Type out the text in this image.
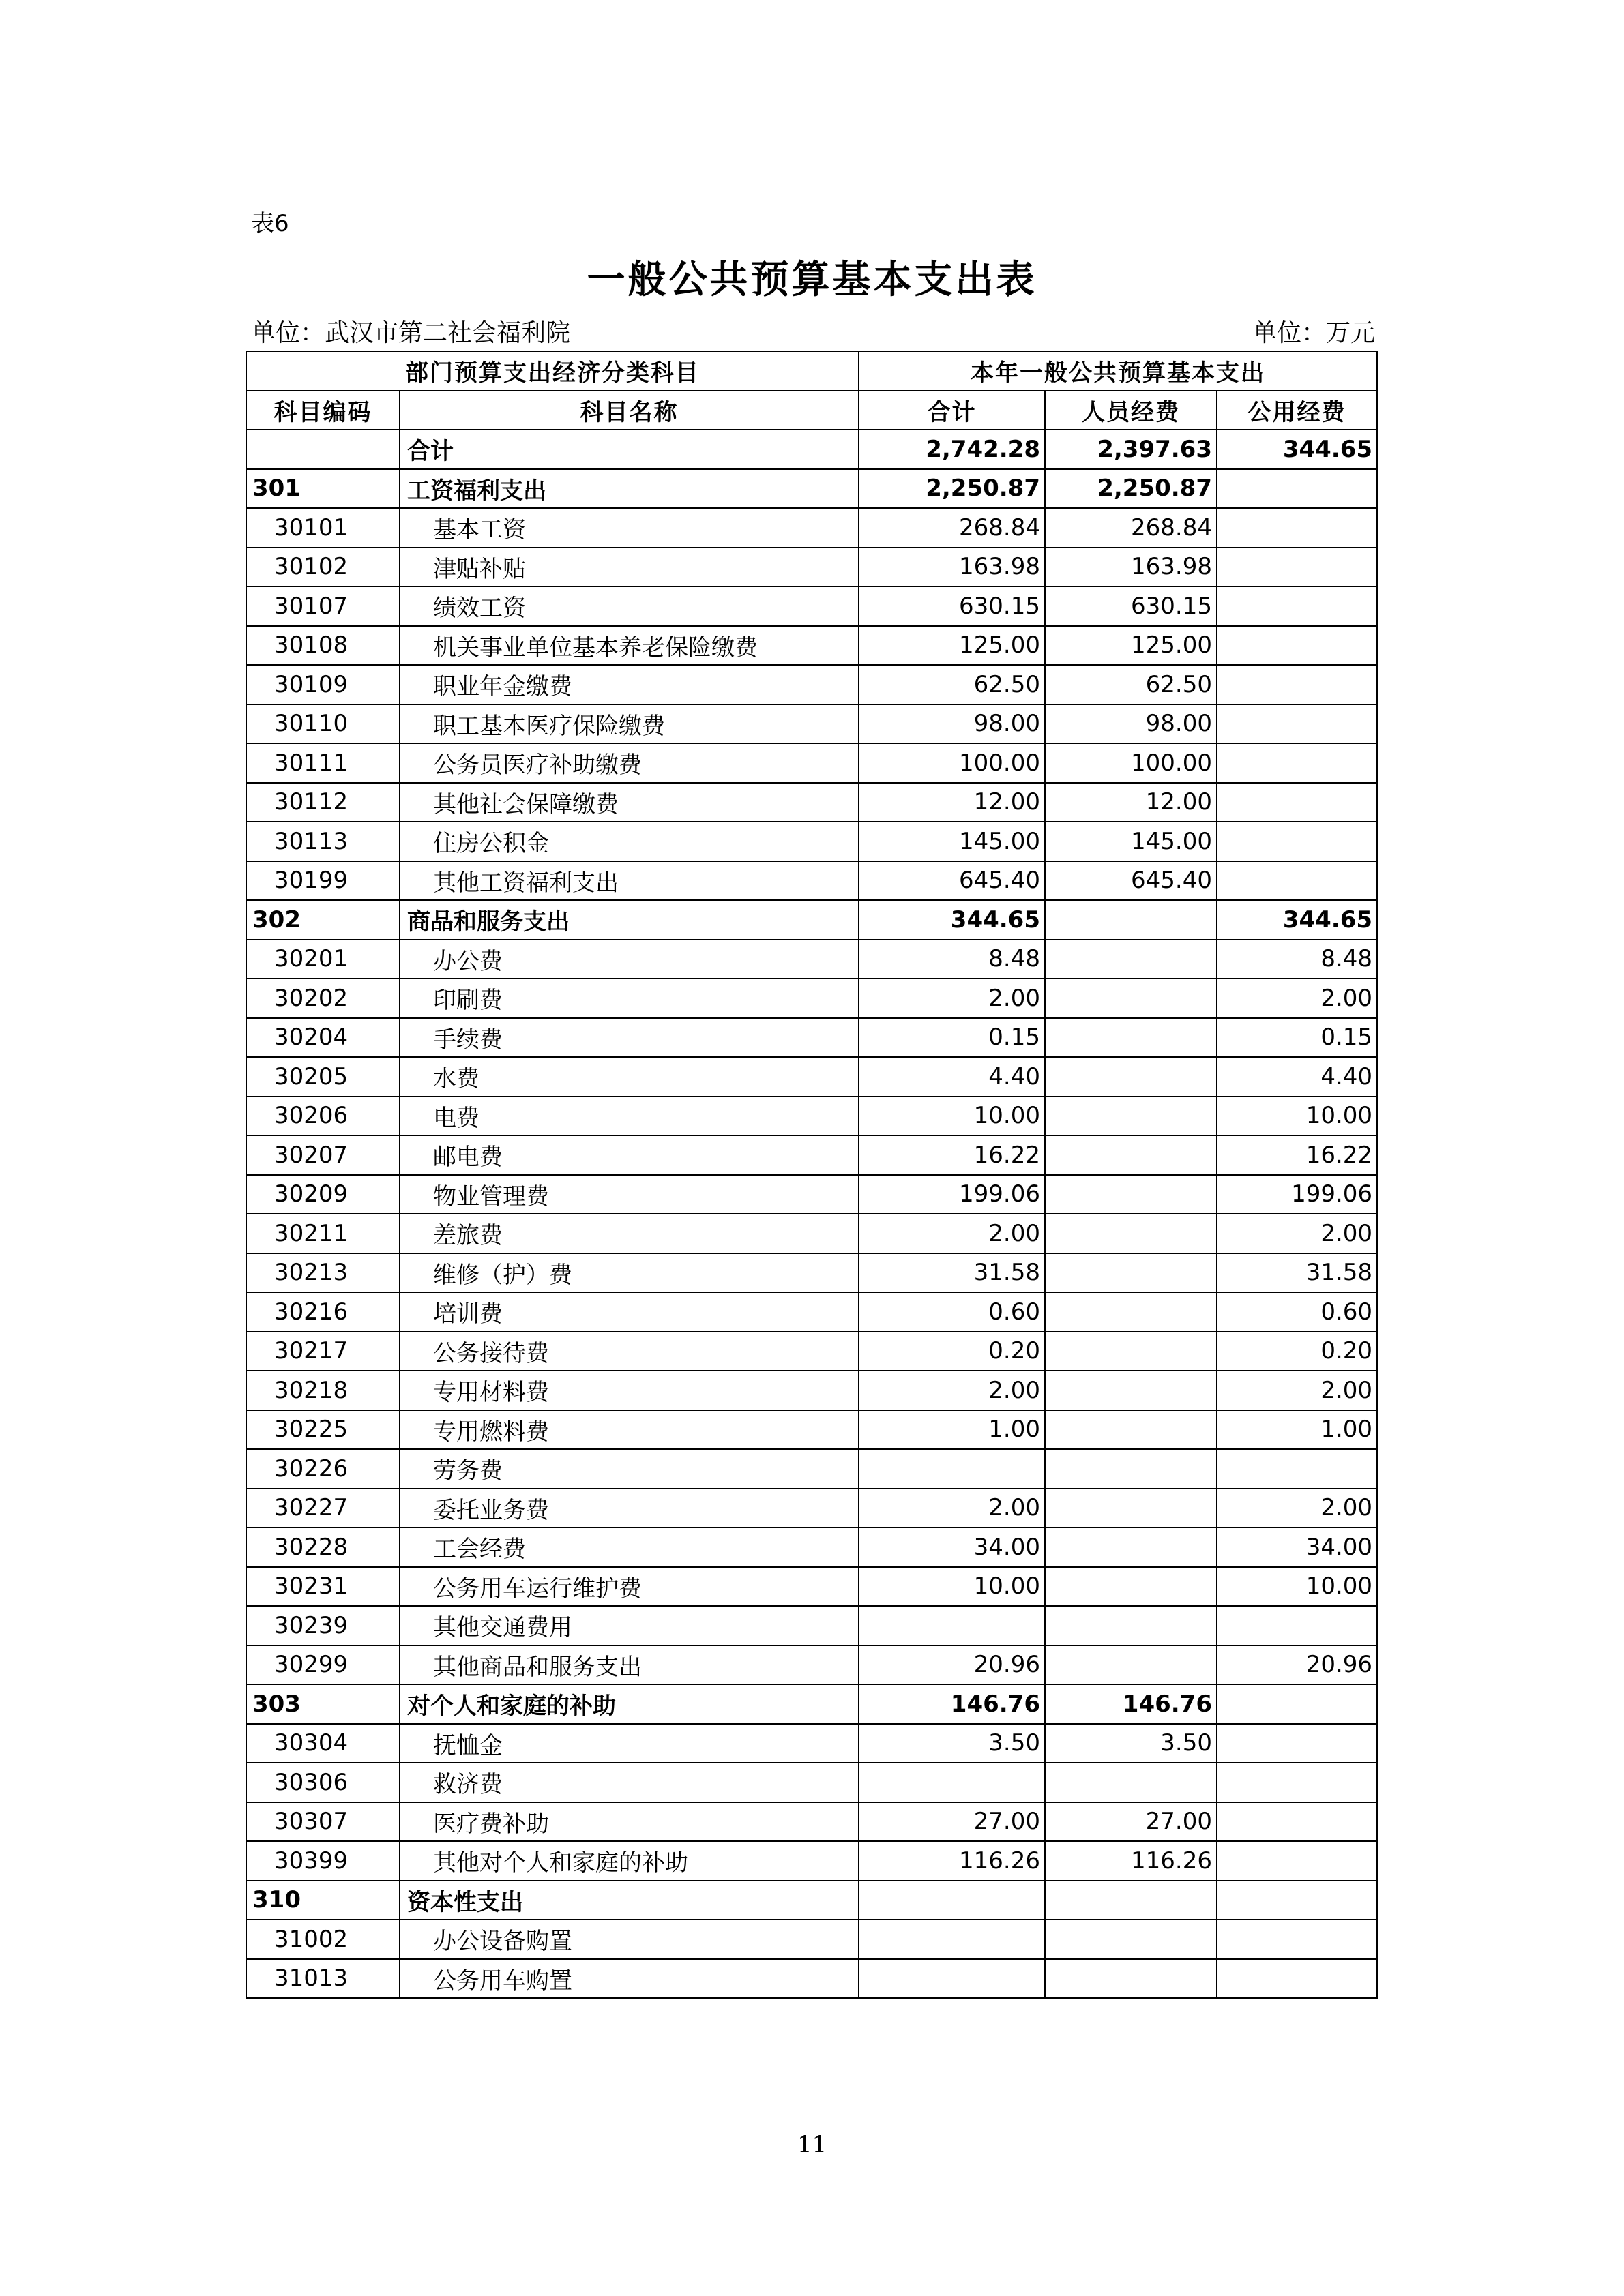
表6
一般公共预算基本支出表
单位：武汉市第二社会福利院	单位：万元
部门预算支出经济分类科目		本年一般公共预算基本支出		
科目编码	科目名称	合计	人员经费	公用经费
	合计	2,742.28	2,397.63	344.65
301	工资福利支出	2,250.87	2,250.87	
30101	基本工资	268.84	268.84	
30102	津贴补贴	163.98	163.98	
30107	绩效工资	630.15	630.15	
30108	机关事业单位基本养老保险缴费	125.00	125.00	
30109	职业年金缴费	62.50	62.50	
30110	职工基本医疗保险缴费	98.00	98.00	
30111	公务员医疗补助缴费	100.00	100.00	
30112	其他社会保障缴费	12.00	12.00	
30113	住房公积金	145.00	145.00	
30199	其他工资福利支出	645.40	645.40	
302	商品和服务支出	344.65		344.65
30201	办公费	8.48		8.48
30202	印刷费	2.00		2.00
30204	手续费	0.15		0.15
30205	水费	4.40		4.40
30206	电费	10.00		10.00
30207	邮电费	16.22		16.22
30209	物业管理费	199.06		199.06
30211	差旅费	2.00		2.00
30213	维修（护）费	31.58		31.58
30216	培训费	0.60		0.60
30217	公务接待费	0.20		0.20
30218	专用材料费	2.00		2.00
30225	专用燃料费	1.00		1.00
30226	劳务费			
30227	委托业务费	2.00		2.00
30228	工会经费	34.00		34.00
30231	公务用车运行维护费	10.00		10.00
30239	其他交通费用			
30299	其他商品和服务支出	20.96		20.96
303	对个人和家庭的补助	146.76	146.76	
30304	抚恤金	3.50	3.50	
30306	救济费			
30307	医疗费补助	27.00	27.00	
30399	其他对个人和家庭的补助	116.26	116.26	
310	资本性支出			
31002	办公设备购置			
31013	公务用车购置			
11
